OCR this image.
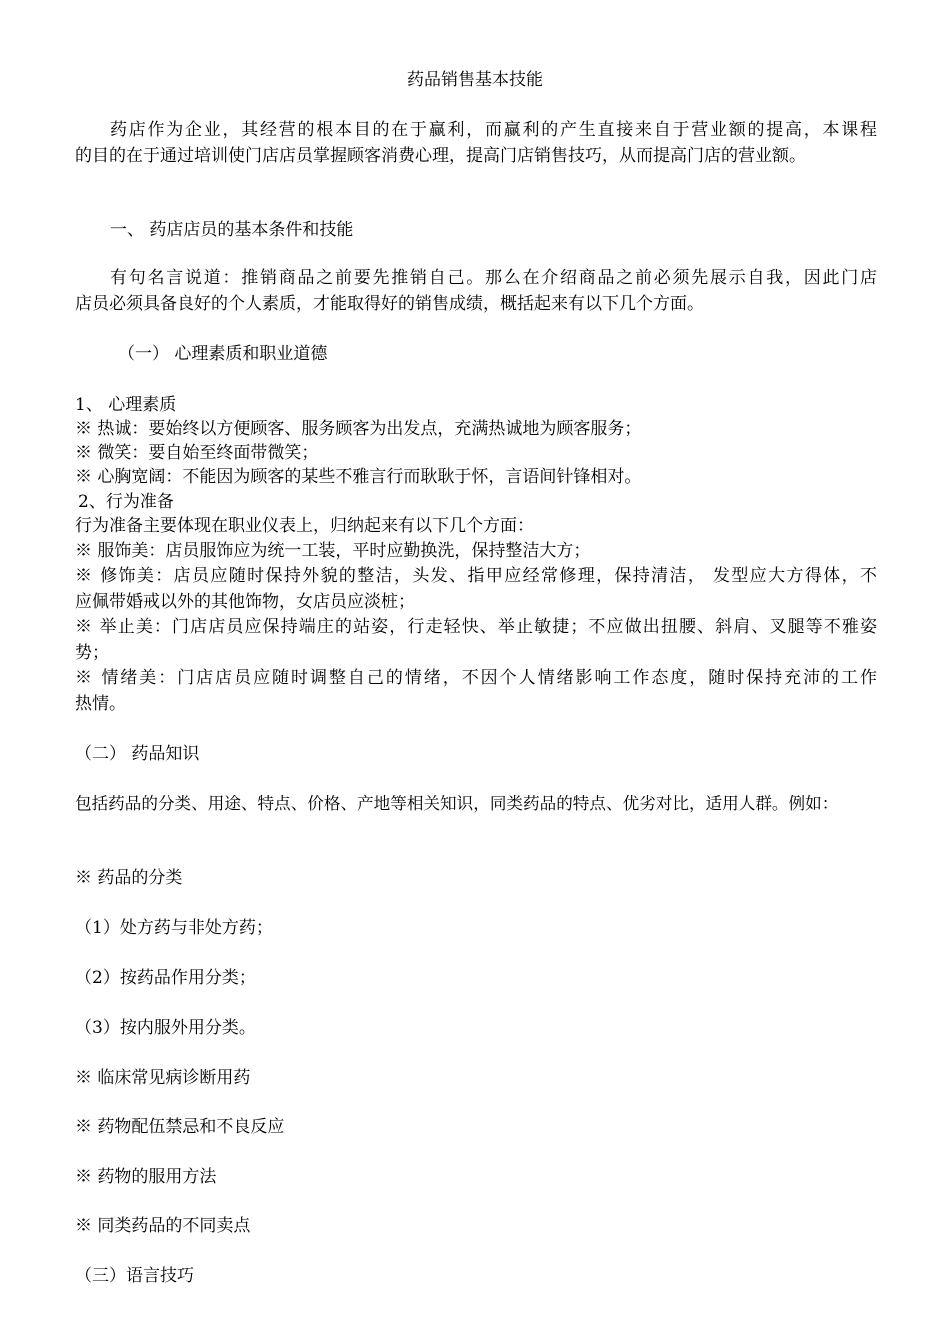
药品销售基本技能
药店作为企业，其经营的根本目的在于赢利，而赢利的产生直接来自于营业额的提高，本课程
的目的在于通过培训使门店店员掌握顾客消费心理，提高门店销售技巧，从而提高门店的营业额。
一、 药店店员的基本条件和技能
有句名言说道：推销商品之前要先推销自己。那么在介绍商品之前必须先展示自我，因此门店
店员必须具备良好的个人素质，才能取得好的销售成绩，概括起来有以下几个方面。
（一） 心理素质和职业道德
1、 心理素质
※ 热诚：要始终以方便顾客、服务顾客为出发点，充满热诚地为顾客服务；
※ 微笑：要自始至终面带微笑；
※ 心胸宽阔：不能因为顾客的某些不雅言行而耿耿于怀，言语间针锋相对。
2、行为准备
行为准备主要体现在职业仪表上，归纳起来有以下几个方面：
※ 服饰美：店员服饰应为统一工装，平时应勤换洗，保持整洁大方；
※ 修饰美：店员应随时保持外貌的整洁，头发、指甲应经常修理，保持清洁， 发型应大方得体，不
应佩带婚戒以外的其他饰物，女店员应淡桩；
※ 举止美：门店店员应保持端庄的站姿，行走轻快、举止敏捷；不应做出扭腰、斜肩、叉腿等不雅姿
势；
※ 情绪美：门店店员应随时调整自己的情绪，不因个人情绪影响工作态度，随时保持充沛的工作
热情。
（二） 药品知识
包括药品的分类、用途、特点、价格、产地等相关知识，同类药品的特点、优劣对比，适用人群。例如：
※ 药品的分类
（1）处方药与非处方药；
（2）按药品作用分类；
（3）按内服外用分类。
※ 临床常见病诊断用药
※ 药物配伍禁忌和不良反应
※ 药物的服用方法
※ 同类药品的不同卖点
（三）语言技巧
